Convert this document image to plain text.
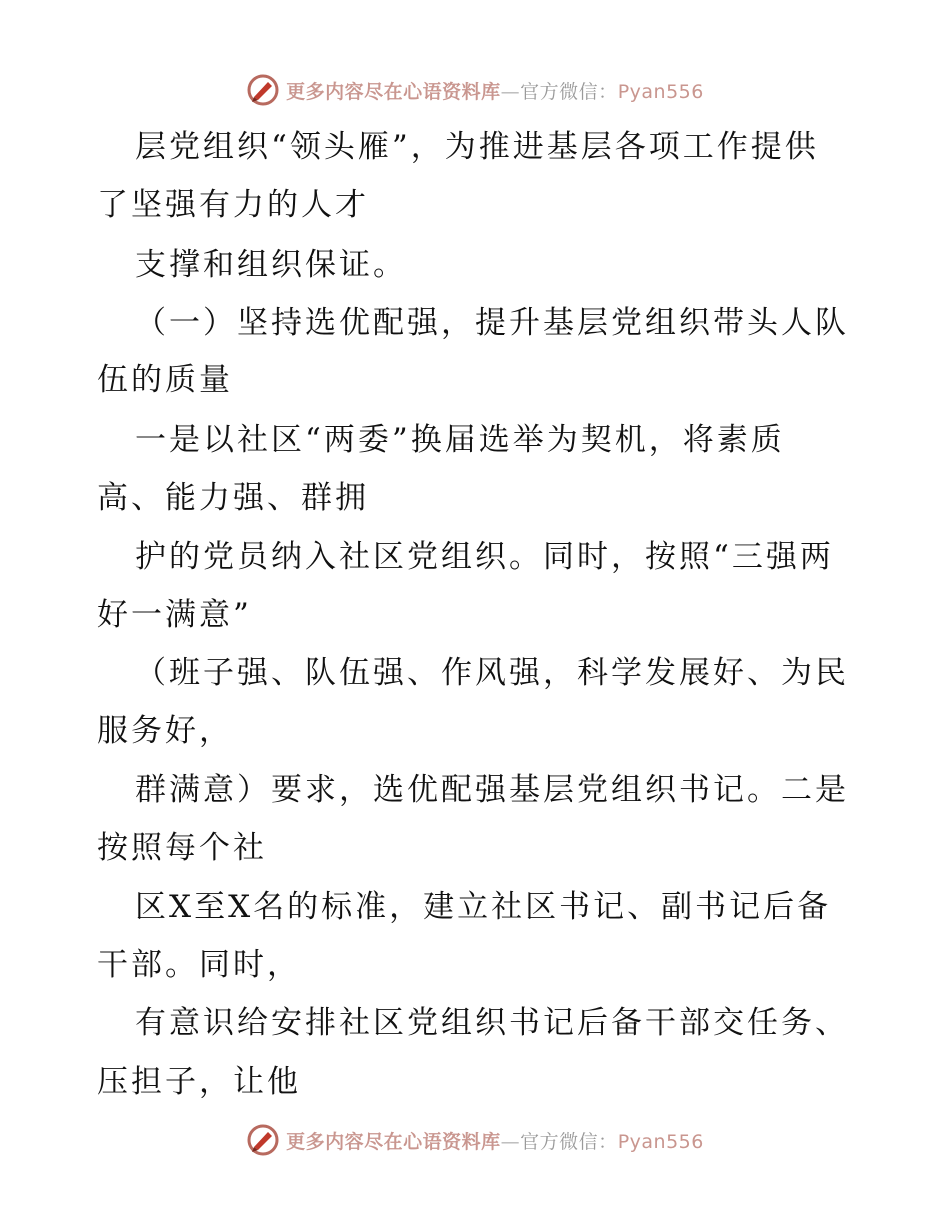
更多内容尽在心语资料库—官方微信：Pyan556
层党组织“领头雁”，为推进基层各项工作提供
了坚强有力的人才
支撑和组织保证。
（一）坚持选优配强，提升基层党组织带头人队
伍的质量
一是以社区“两委”换届选举为契机，将素质
高、能力强、群拥
护的党员纳入社区党组织。同时，按照“三强两
好一满意”
（班子强、队伍强、作风强，科学发展好、为民
服务好，
群满意）要求，选优配强基层党组织书记。二是
按照每个社
区X至X名的标准，建立社区书记、副书记后备
干部。同时，
有意识给安排社区党组织书记后备干部交任务、
压担子，让他
更多内容尽在心语资料库—官方微信：Pyan556
